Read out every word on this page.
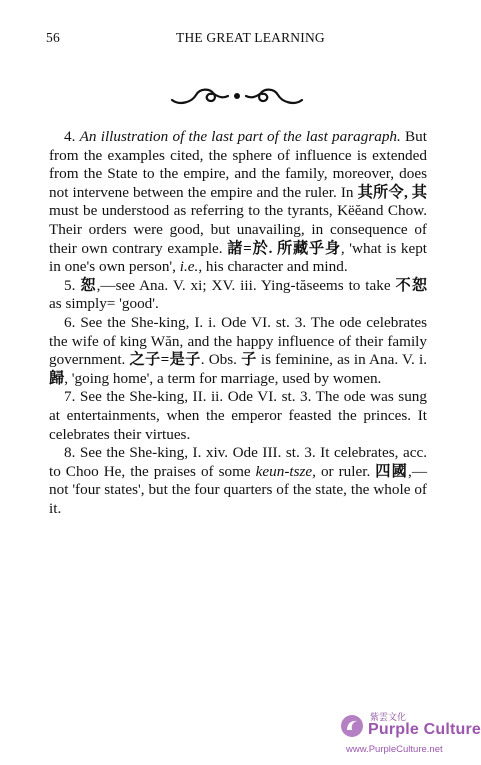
56	THE GREAT LEARNING

4. An illustration of the last part of the last paragraph. But from the examples cited, the sphere of influence is extended from the State to the empire, and the family, moreover, does not intervene between the empire and the ruler. In 其所令, 其 must be understood as referring to the tyrants, Këĕand Chow. Their orders were good, but unavailing, in consequence of their own contrary example. 諸=於. 所藏乎身, 'what is kept in one's own person', i.e., his character and mind.

5. 恕,—see Ana. V. xi; XV. iii. Ying-tăseems to take 不恕 as simply= 'good'.

6. See the She-king, I. i. Ode VI. st. 3. The ode celebrates the wife of king Wăn, and the happy influence of their family government. 之子=是子. Obs. 子 is feminine, as in Ana. V. i. 歸, 'going home', a term for marriage, used by women.

7. See the She-king, II. ii. Ode VI. st. 3. The ode was sung at entertainments, when the emperor feasted the princes. It celebrates their virtues.

8. See the She-king, I. xiv. Ode III. st. 3. It celebrates, acc. to Choo He, the praises of some keun-tsze, or ruler. 四國,—not 'four states', but the four quarters of the state, the whole of it.

紫雲文化
Purple Culture
www.PurpleCulture.net
